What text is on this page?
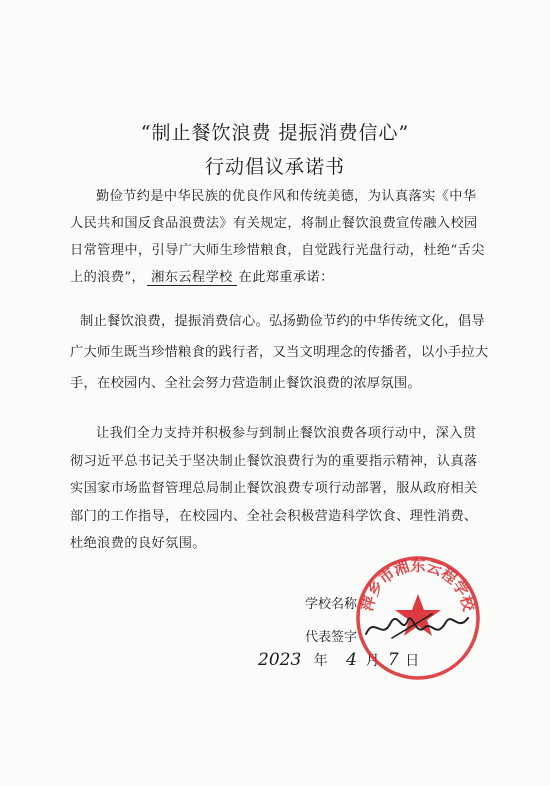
“制止餐饮浪费 提振消费信心”
行动倡议承诺书
勤俭节约是中华民族的优良作风和传统美德，为认真落实《中华人民共和国反食品浪费法》有关规定，将制止餐饮浪费宣传融入校园日常管理中，引导广大师生珍惜粮食，自觉践行光盘行动，杜绝“舌尖上的浪费”， 湘东云程学校 在此郑重承诺：
制止餐饮浪费，提振消费信心。弘扬勤俭节约的中华传统文化，倡导广大师生既当珍惜粮食的践行者，又当文明理念的传播者，以小手拉大手，在校园内、全社会努力营造制止餐饮浪费的浓厚氛围。
让我们全力支持并积极参与到制止餐饮浪费各项行动中，深入贯彻习近平总书记关于坚决制止餐饮浪费行为的重要指示精神，认真落实国家市场监督管理总局制止餐饮浪费专项行动部署，服从政府相关部门的工作指导，在校园内、全社会积极营造科学饮食、理性消费、杜绝浪费的良好氛围。
学校名称
代表签字
2023 年 4 月 7 日
萍乡市湘东云程学校
